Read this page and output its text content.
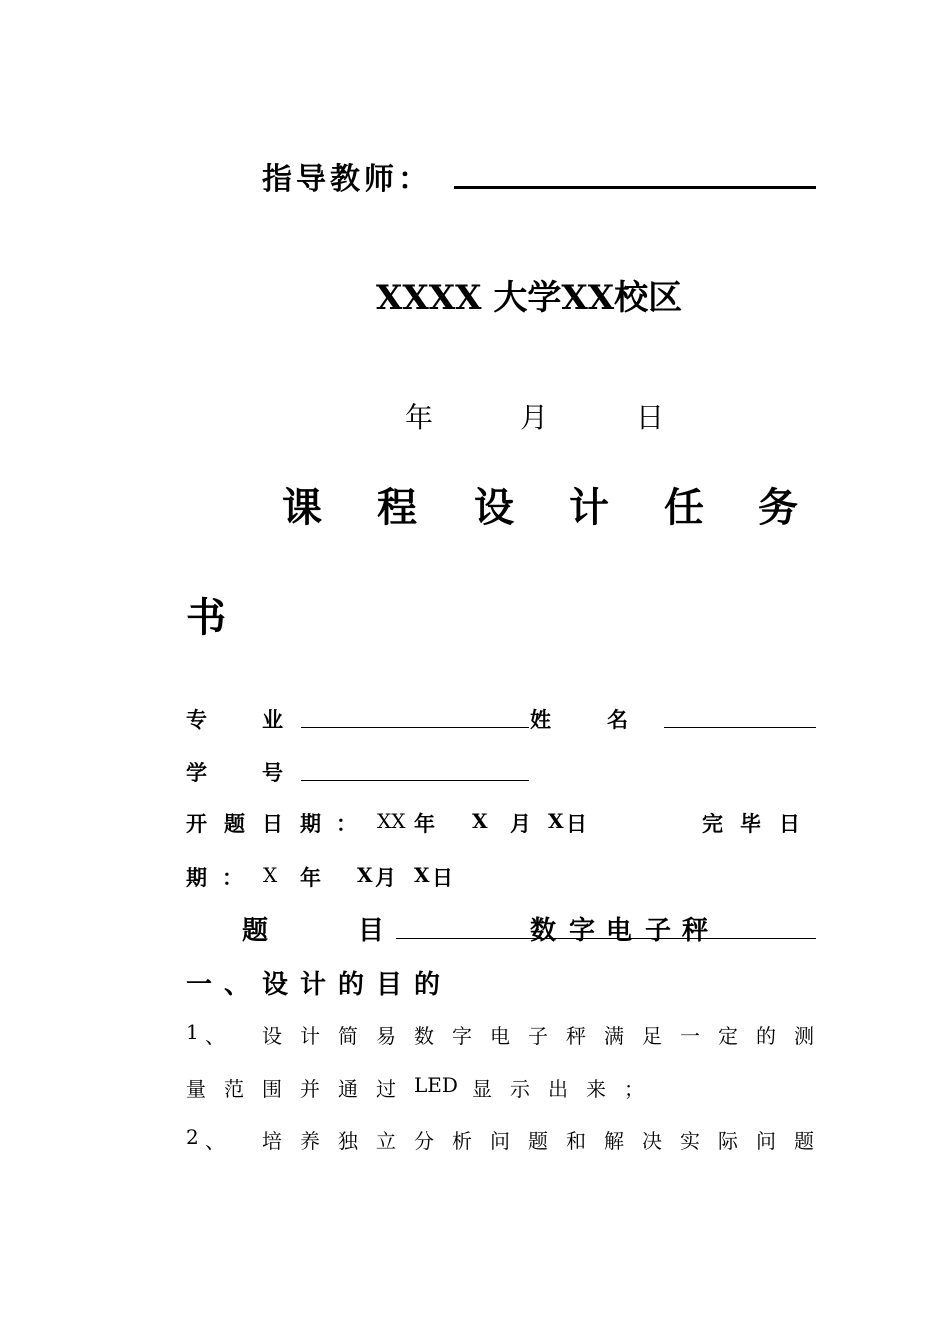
指导教师：
XXXX 大学XX校区
年	月	日
课 程 设 计 任 务
书
专	业	姓	名
学	号
开 题 日 期 ： XX 年 X 月 X 日	完 毕 日
期 ： X 年 X 月 X 日
题	目	数 字 电 子 秤
一 、 设 计 的 目 的
1 、 设 计 简 易 数 字 电 子 秤 满 足 一 定 的 测
量 范 围 并 通 过 LED 显 示 出 来 ；
2 、 培 养 独 立 分 析 问 题 和 解 决 实 际 问 题
